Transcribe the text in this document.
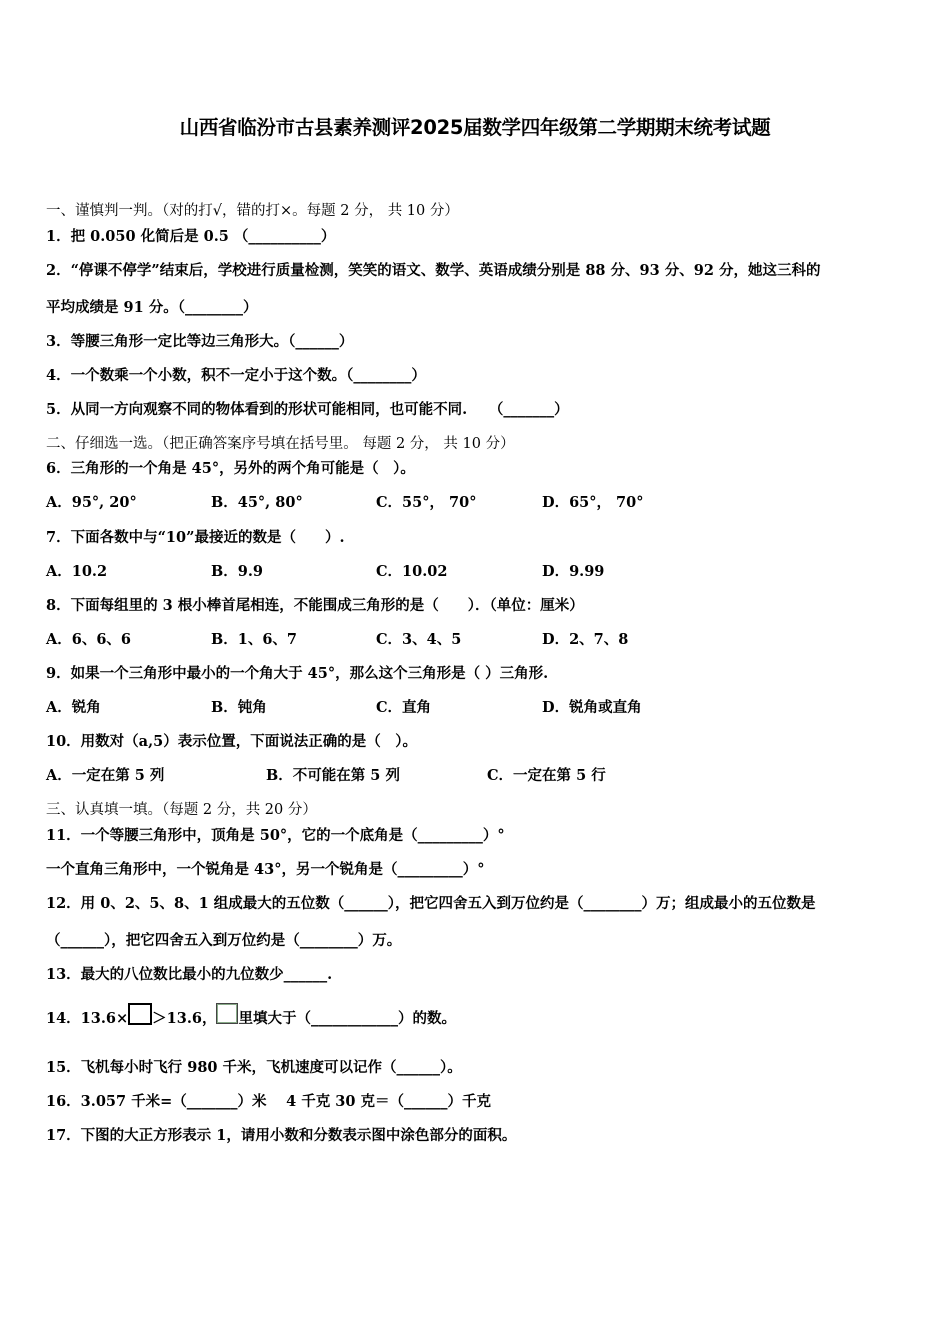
山西省临汾市古县素养测评2025届数学四年级第二学期期末统考试题
一、谨慎判一判。（对的打√，错的打×。每题 2 分， 共 10 分）
1．把 0.050 化简后是 0.5 （__________）
2．“停课不停学”结束后，学校进行质量检测，笑笑的语文、数学、英语成绩分别是 88 分、93 分、92 分，她这三科的
平均成绩是 91 分。（________）
3．等腰三角形一定比等边三角形大。（______）
4．一个数乘一个小数，积不一定小于这个数。（________）
5．从同一方向观察不同的物体看到的形状可能相同，也可能不同.　　（_______）
二、仔细选一选。（把正确答案序号填在括号里。 每题 2 分， 共 10 分）
6．三角形的一个角是 45°，另外的两个角可能是（　）。
A．95°, 20°	B．45°, 80°	C．55°， 70°	D．65°， 70°
7．下面各数中与“10”最接近的数是（　　）.
A．10.2	B．9.9	C．10.02	D．9.99
8．下面每组里的 3 根小棒首尾相连，不能围成三角形的是（　　）．（单位：厘米）
A．6、6、6	B．1、6、7	C．3、4、5	D．2、7、8
9．如果一个三角形中最小的一个角大于 45°，那么这个三角形是（ ）三角形.
A．锐角	B．钝角	C．直角	D．锐角或直角
10．用数对（a,5）表示位置，下面说法正确的是（　）。
A．一定在第 5 列	B．不可能在第 5 列	C．一定在第 5 行
三、认真填一填。（每题 2 分，共 20 分）
11．一个等腰三角形中，顶角是 50°，它的一个底角是（_________）°
一个直角三角形中，一个锐角是 43°，另一个锐角是（_________）°
12．用 0、2、5、8、1 组成最大的五位数（______），把它四舍五入到万位约是（________）万；组成最小的五位数是
（______），把它四舍五入到万位约是（________）万。
13．最大的八位数比最小的九位数少______.
14．13.6× ＞13.6， 里填大于（____________）的数。
15．飞机每小时飞行 980 千米，飞机速度可以记作（______）。
16．3.057 千米=（_______）米　 4 千克 30 克＝（______）千克
17．下图的大正方形表示 1，请用小数和分数表示图中涂色部分的面积。
